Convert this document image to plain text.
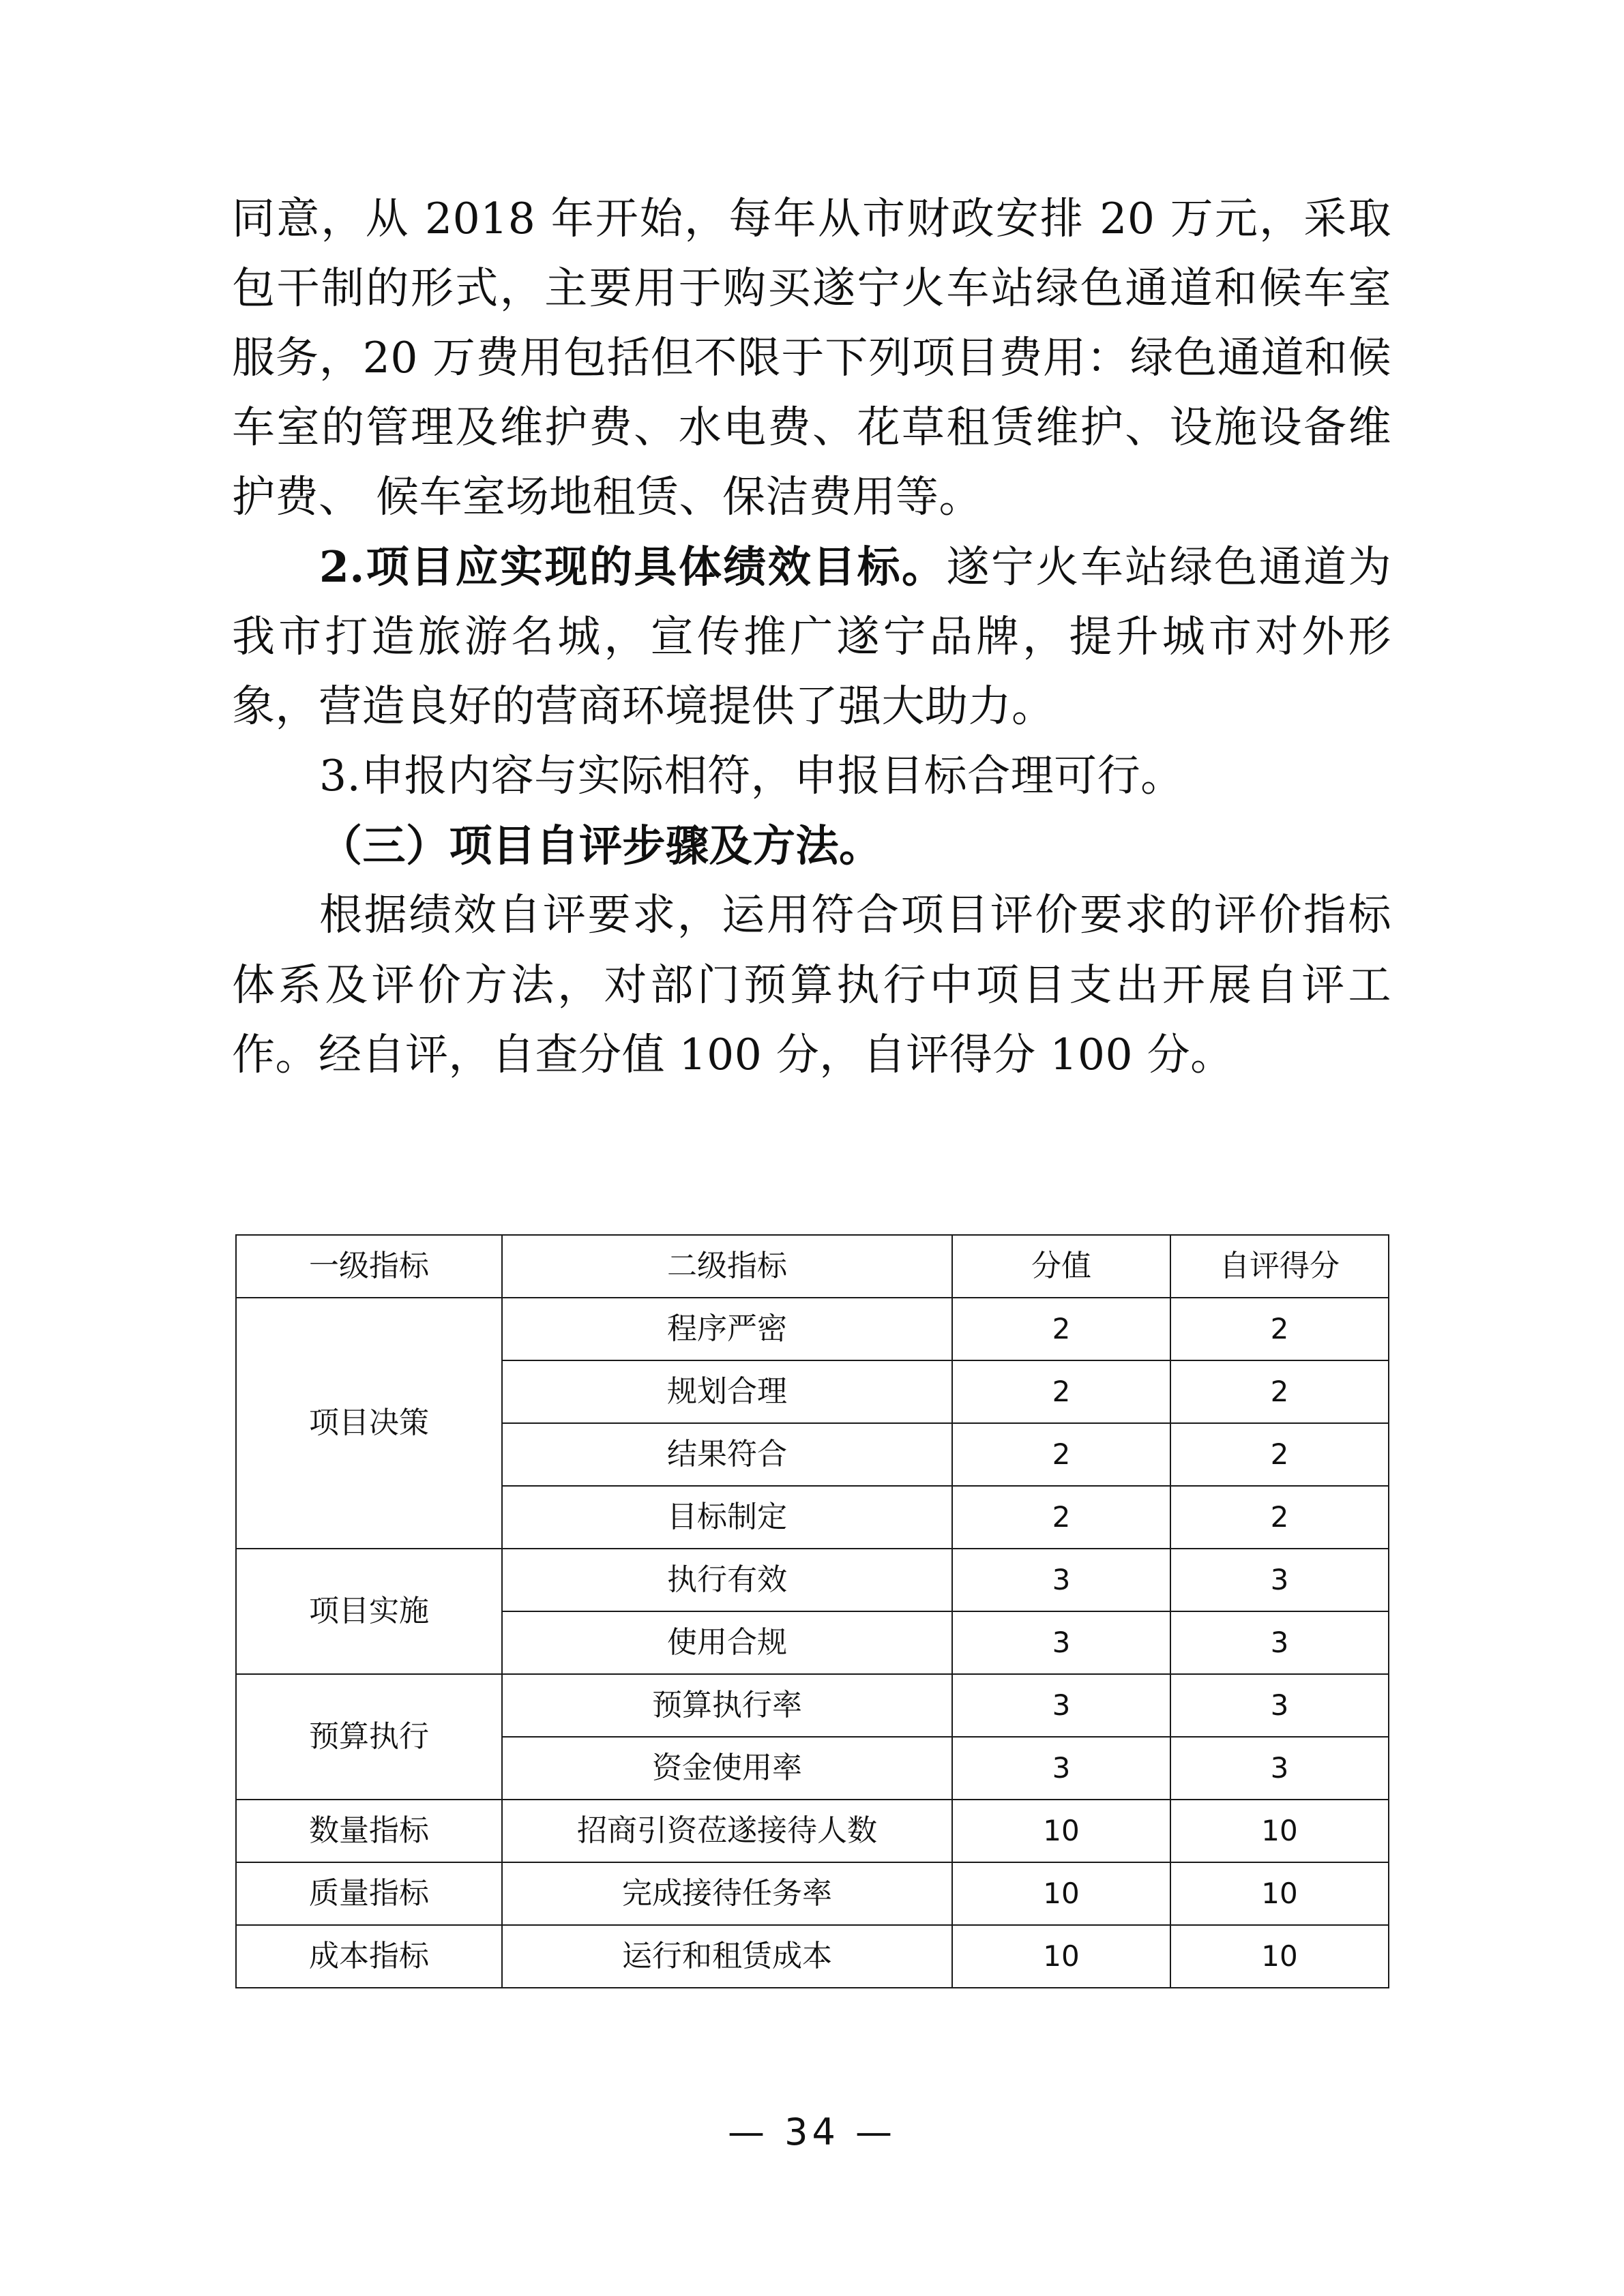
同意，从 2018 年开始，每年从市财政安排 20 万元，采取包干制的形式，主要用于购买遂宁火车站绿色通道和候车室服务，20 万费用包括但不限于下列项目费用：绿色通道和候车室的管理及维护费、水电费、花草租赁维护、设施设备维护费、 候车室场地租赁、保洁费用等。

2.项目应实现的具体绩效目标。遂宁火车站绿色通道为我市打造旅游名城，宣传推广遂宁品牌，提升城市对外形象，营造良好的营商环境提供了强大助力。

3.申报内容与实际相符，申报目标合理可行。

（三）项目自评步骤及方法。

根据绩效自评要求，运用符合项目评价要求的评价指标体系及评价方法，对部门预算执行中项目支出开展自评工作。经自评，自查分值 100 分，自评得分 100 分。

一级指标	二级指标	分值	自评得分
项目决策	程序严密	2	2
	规划合理	2	2
	结果符合	2	2
	目标制定	2	2
项目实施	执行有效	3	3
	使用合规	3	3
预算执行	预算执行率	3	3
	资金使用率	3	3
数量指标	招商引资莅遂接待人数	10	10
质量指标	完成接待任务率	10	10
成本指标	运行和租赁成本	10	10
— 34 —
